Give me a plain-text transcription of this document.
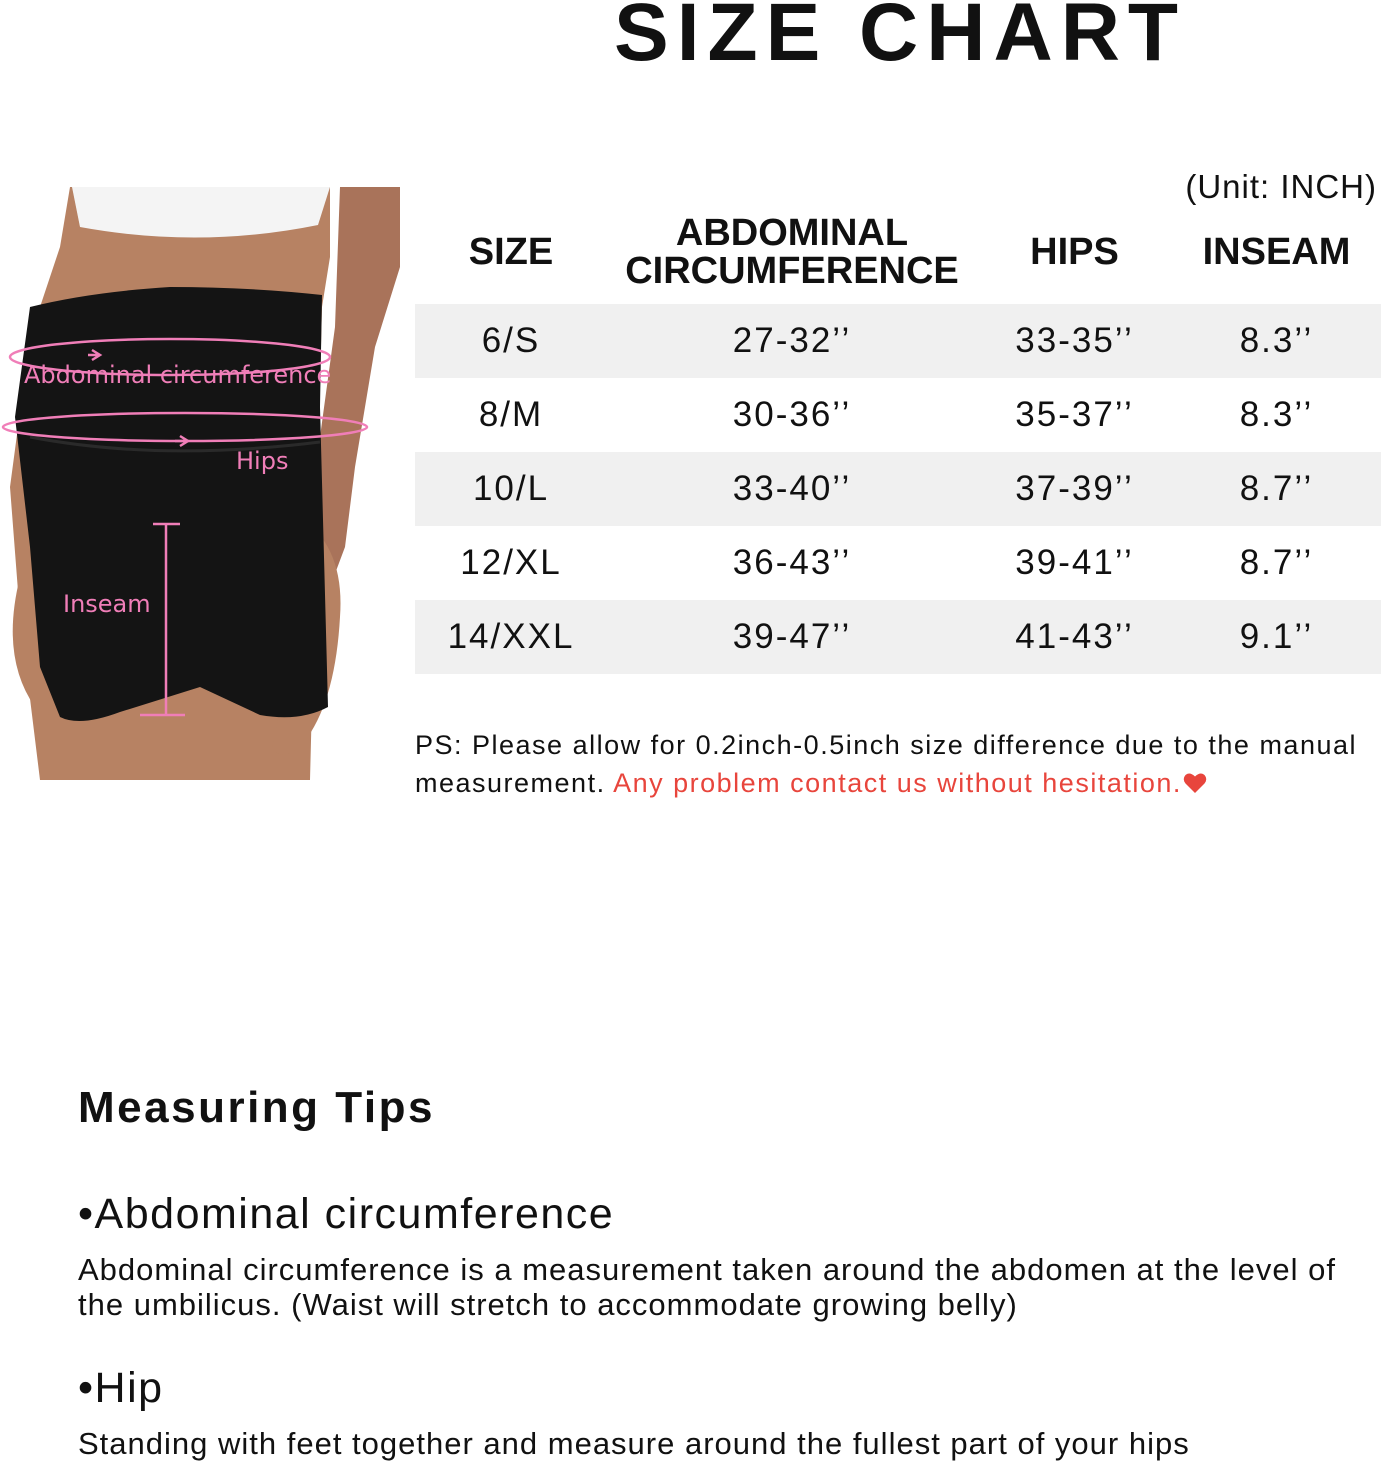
SIZE CHART
(Unit: INCH)
Abdominal circumference
Hips
Inseam
SIZE	ABDOMINAL CIRCUMFERENCE	HIPS	INSEAM
6/S	27-32’’	33-35’’	8.3’’
8/M	30-36’’	35-37’’	8.3’’
10/L	33-40’’	37-39’’	8.7’’
12/XL	36-43’’	39-41’’	8.7’’
14/XXL	39-47’’	41-43’’	9.1’’
PS: Please allow for 0.2inch-0.5inch size difference due to the manual measurement. Any problem contact us without hesitation.
Measuring Tips
•Abdominal circumference
Abdominal circumference is a measurement taken around the abdomen at the level of the umbilicus. (Waist will stretch to accommodate growing belly)
•Hip
Standing with feet together and measure around the fullest part of your hips
